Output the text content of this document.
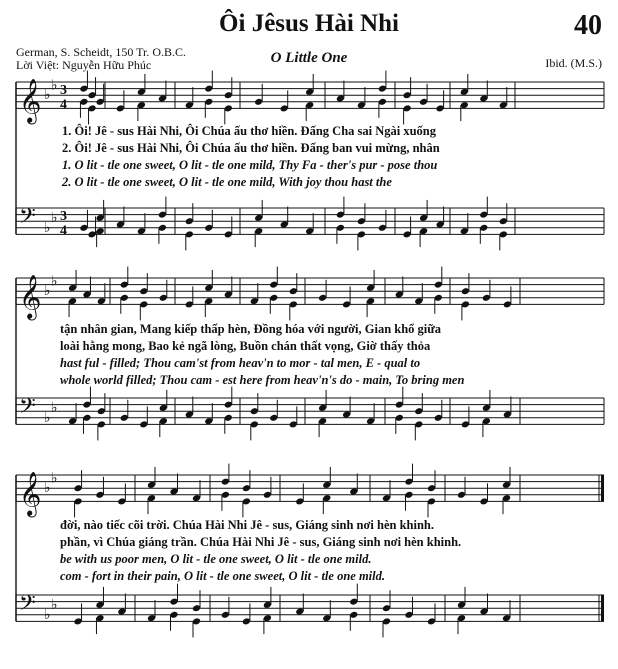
Ôi Jêsus Hài Nhi	40
German, S. Scheidt, 150 Tr. O.B.C.
Lời Việt: Nguyễn Hữu Phúc	O Little One	Ibid. (M.S.)
𝄞 ♭
♭ 3
4
𝄢 ♭
♭ 3
4
𝄞 ♭
♭
𝄢 ♭
♭
𝄞 ♭
♭
𝄢 ♭
♭
1. Ôi! Jê - sus Hài Nhi, Ôi Chúa ấu thơ hiền. Đấng Cha sai Ngài xuống
2. Ôi! Jê - sus Hài Nhi, Ôi Chúa ấu thơ hiền. Đấng ban vui mừng, nhân
1. O lit - tle one sweet, O lit - tle one mild, Thy Fa - ther's pur - pose thou
2. O lit - tle one sweet, O lit - tle one mild, With joy thou hast the
tận nhân gian, Mang kiếp thấp hèn, Đồng hóa với người, Gian khổ giữa
loài hằng mong, Bao kẻ ngã lòng, Buồn chán thất vọng, Giờ thấy thỏa
hast ful - filled; Thou cam'st from heav'n to mor - tal men, E - qual to
whole world filled; Thou cam - est here from heav'n's do - main, To bring men
đời, nào tiếc cõi trời. Chúa Hài Nhi Jê - sus, Giáng sinh nơi hèn khinh.
phần, vì Chúa giáng trần. Chúa Hài Nhi Jê - sus, Giáng sinh nơi hèn khinh.
be with us poor men, O lit - tle one sweet, O lit - tle one mild.
com - fort in their pain, O lit - tle one sweet, O lit - tle one mild.
